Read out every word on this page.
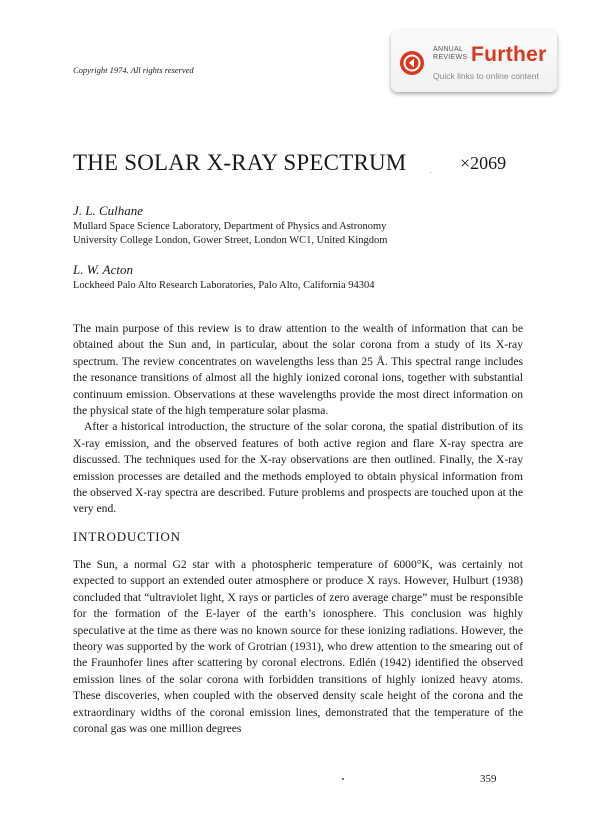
Copyright 1974. All rights reserved
ANNUAL REVIEWS Further
Quick links to online content
THE SOLAR X-RAY SPECTRUM	×2069
J. L. Culhane
Mullard Space Science Laboratory, Department of Physics and Astronomy
University College London, Gower Street, London WC1, United Kingdom
L. W. Acton
Lockheed Palo Alto Research Laboratories, Palo Alto, California 94304

The main purpose of this review is to draw attention to the wealth of information that can be obtained about the Sun and, in particular, about the solar corona from a study of its X-ray spectrum. The review concentrates on wavelengths less than 25 Å. This spectral range includes the resonance transitions of almost all the highly ionized coronal ions, together with substantial continuum emission. Observations at these wavelengths provide the most direct information on the physical state of the high temperature solar plasma.

After a historical introduction, the structure of the solar corona, the spatial distribution of its X-ray emission, and the observed features of both active region and flare X-ray spectra are discussed. The techniques used for the X-ray observations are then outlined. Finally, the X-ray emission processes are detailed and the methods employed to obtain physical information from the observed X-ray spectra are described. Future problems and prospects are touched upon at the very end.

INTRODUCTION

The Sun, a normal G2 star with a photospheric temperature of 6000°K, was certainly not expected to support an extended outer atmosphere or produce X rays. However, Hulburt (1938) concluded that “ultraviolet light, X rays or particles of zero average charge” must be responsible for the formation of the E-layer of the earth’s ionosphere. This conclusion was highly speculative at the time as there was no known source for these ionizing radiations. However, the theory was supported by the work of Grotrian (1931), who drew attention to the smearing out of the Fraunhofer lines after scattering by coronal electrons. Edlén (1942) identified the observed emission lines of the solar corona with forbidden transitions of highly ionized heavy atoms. These discoveries, when coupled with the observed density scale height of the corona and the extraordinary widths of the coronal emission lines, demonstrated that the temperature of the coronal gas was one million degrees

359
